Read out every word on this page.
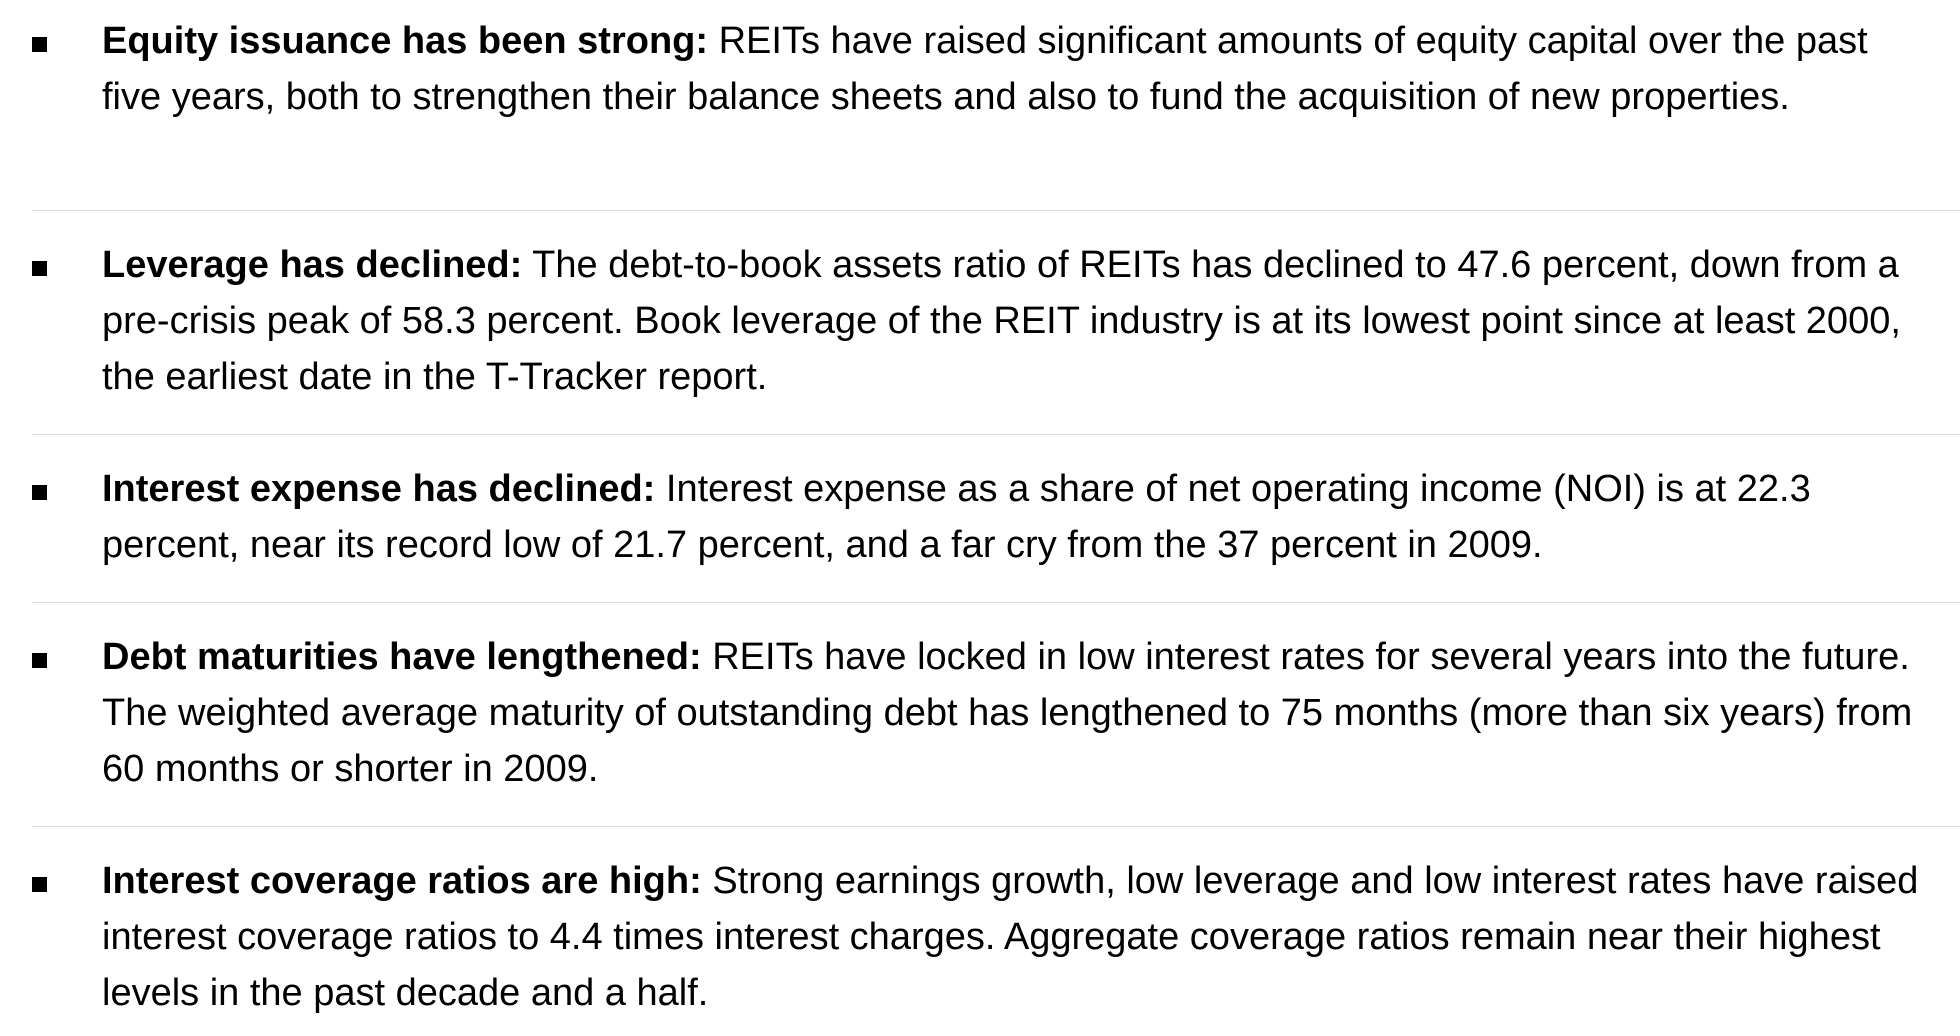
Equity issuance has been strong: REITs have raised significant amounts of equity capital over the past five years, both to strengthen their balance sheets and also to fund the acquisition of new properties.

Leverage has declined: The debt-to-book assets ratio of REITs has declined to 47.6 percent, down from a pre-crisis peak of 58.3 percent. Book leverage of the REIT industry is at its lowest point since at least 2000, the earliest date in the T-Tracker report.

Interest expense has declined: Interest expense as a share of net operating income (NOI) is at 22.3 percent, near its record low of 21.7 percent, and a far cry from the 37 percent in 2009.

Debt maturities have lengthened: REITs have locked in low interest rates for several years into the future. The weighted average maturity of outstanding debt has lengthened to 75 months (more than six years) from 60 months or shorter in 2009.

Interest coverage ratios are high: Strong earnings growth, low leverage and low interest rates have raised interest coverage ratios to 4.4 times interest charges. Aggregate coverage ratios remain near their highest levels in the past decade and a half.
